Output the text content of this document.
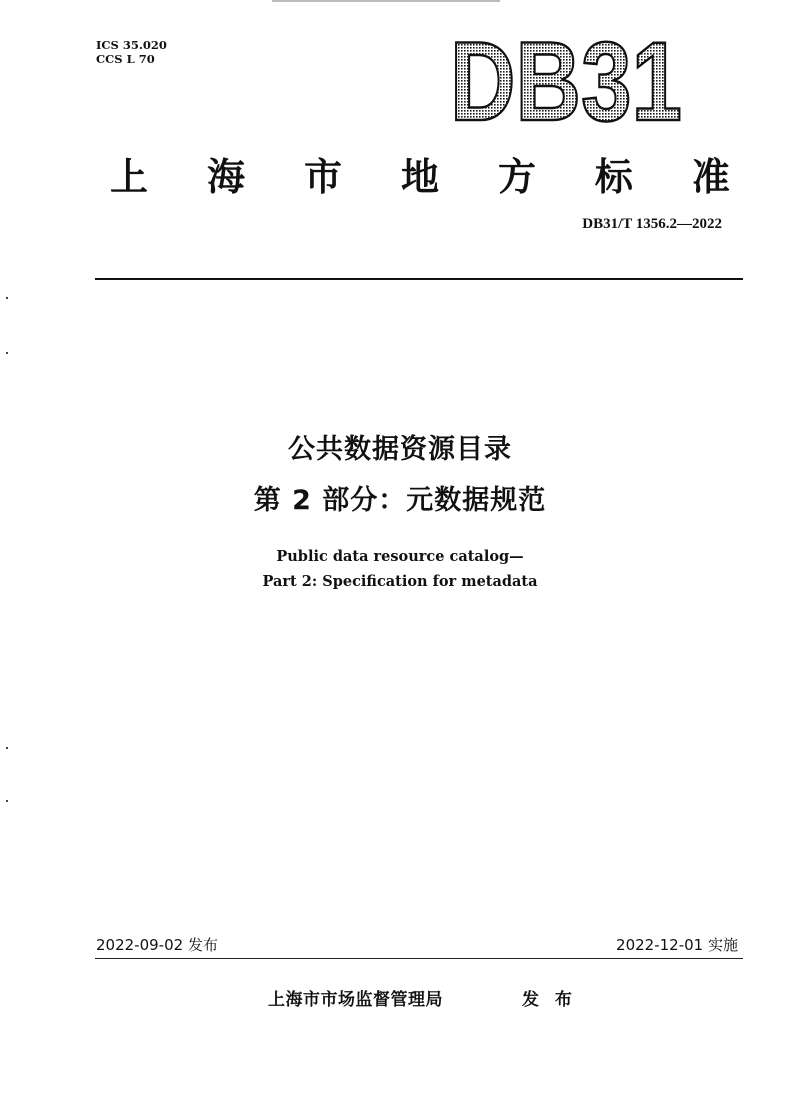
ICS 35.020
CCS L 70	DB31
上 海 市 地 方 标 准
DB31/T 1356.2—2022
公共数据资源目录
第 2 部分：元数据规范
Public data resource catalog—
Part 2: Specification for metadata
2022-09-02 发布	2022-12-01 实施
上海市市场监督管理局	发 布
